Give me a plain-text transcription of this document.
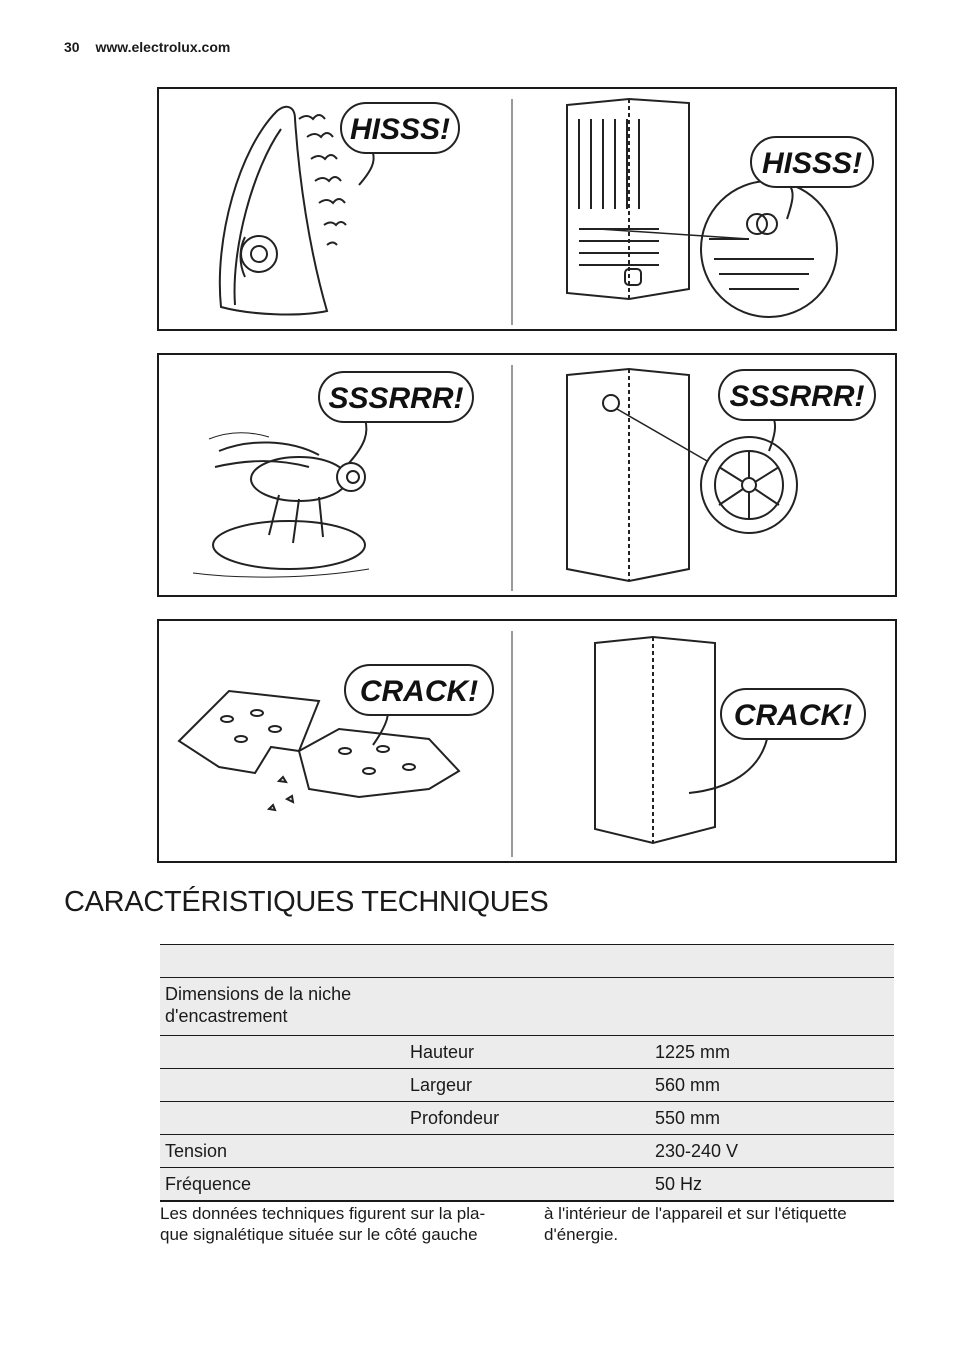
30 www.electrolux.com
HISSS!
HISSS!
SSSRRR!	SSSRRR!
CRACK!
CRACK!
CARACTÉRISTIQUES TECHNIQUES

Dimensions de la niche d'encastrement		
	Hauteur	1225 mm
	Largeur	560 mm
	Profondeur	550 mm
Tension		230-240 V
Fréquence		50 Hz

Les données techniques figurent sur la pla-que signalétique située sur le côté gauche

à l'intérieur de l'appareil et sur l'étiquette d'énergie.
